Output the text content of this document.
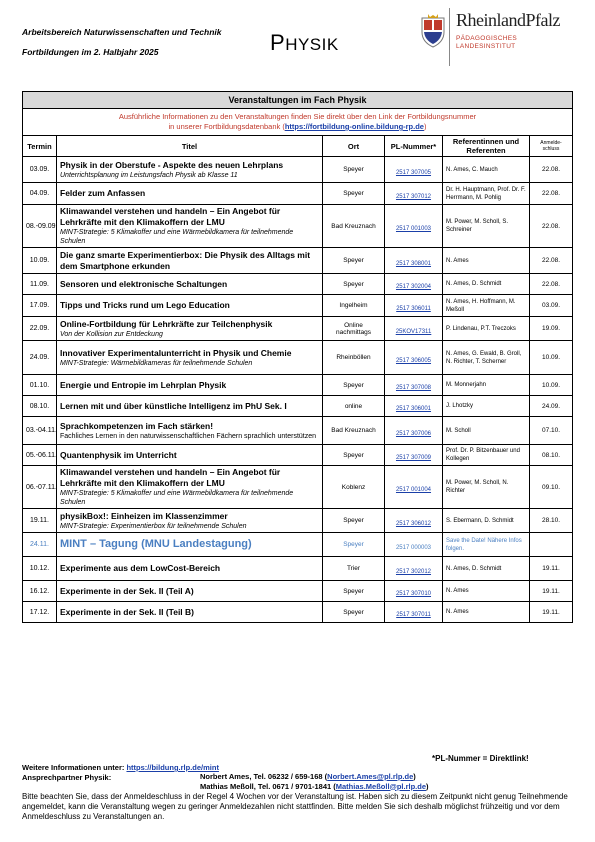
Arbeitsbereich Naturwissenschaften und Technik
Fortbildungen im 2. Halbjahr 2025	PHYSIK
RheinlandPfalz
PÄDAGOGISCHES
LANDESINSTITUT
Veranstaltungen im Fach Physik					

Ausführliche Informationen zu den Veranstaltungen finden Sie direkt über den Link der Fortbildungsnummer
in unserer Fortbildungsdatenbank (https://fortbildung-online.bildung-rp.de)					

Termin	Titel	Ort	PL-Nummer*	Referentinnen und Referenten	Anmelde-schluss
03.09.	Physik in der Oberstufe - Aspekte des neuen Lehrplans
Unterrichtsplanung im Leistungsfach Physik ab Klasse 11	Speyer	2517 307005	N. Ames, C. Mauch	22.08.
04.09.	Felder zum Anfassen	Speyer	2517 307012	Dr. H. Hauptmann, Prof. Dr. F. Herrmann, M. Pohlig	22.08.
08.-09.09.	Klimawandel verstehen und handeln – Ein Angebot für Lehrkräfte mit den Klimakoffern der LMU
MINT-Strategie: 5 Klimakoffer und eine Wärmebildkamera für teilnehmende Schulen	Bad Kreuznach	2517 001003	M. Power, M. Scholl, S. Schreiner	22.08.
10.09.	Die ganz smarte Experimentierbox: Die Physik des Alltags mit dem Smartphone erkunden	Speyer	2517 308001	N. Ames	22.08.
11.09.	Sensoren und elektronische Schaltungen	Speyer	2517 302004	N. Ames, D. Schmidt	22.08.
17.09.	Tipps und Tricks rund um Lego Education	Ingelheim	2517 306011	N. Ames, H. Hoffmann, M. Meßoll	03.09.
22.09.	Online-Fortbildung für Lehrkräfte zur Teilchenphysik
Von der Kollision zur Entdeckung	Online nachmittags	25KOV17311	P. Lindenau, P.T. Treczoks	19.09.
24.09.	Innovativer Experimentalunterricht in Physik und Chemie
MINT-Strategie: Wärmebildkameras für teilnehmende Schulen	Rheinböllen	2517 306005	N. Ames, G. Ewald, B. Groll, N. Richter, T. Scherner	10.09.
01.10.	Energie und Entropie im Lehrplan Physik	Speyer	2517 307008	M. Monnerjahn	10.09.
08.10.	Lernen mit und über künstliche Intelligenz im PhU Sek. I	online	2517 306001	J. Lhotzky	24.09.
03.-04.11.	Sprachkompetenzen im Fach stärken!
Fachliches Lernen in den naturwissenschaftlichen Fächern sprachlich unterstützen	Bad Kreuznach	2517 307006	M. Scholl	07.10.
05.-06.11.	Quantenphysik im Unterricht	Speyer	2517 307009	Prof. Dr. P. Bitzenbauer und Kollegen	08.10.
06.-07.11.	Klimawandel verstehen und handeln – Ein Angebot für Lehrkräfte mit den Klimakoffern der LMU
MINT-Strategie: 5 Klimakoffer und eine Wärmebildkamera für teilnehmende Schulen	Koblenz	2517 001004	M. Power, M. Scholl, N. Richter	09.10.
19.11.	physikBox!: Einheizen im Klassenzimmer
MINT-Strategie: Experimentierbox für teilnehmende Schulen	Speyer	2517 306012	S. Ebermann, D. Schmidt	28.10.
24.11.	MINT – Tagung (MNU Landestagung)	Speyer	2517 000003	Save the Date! Nähere Infos folgen.	
10.12.	Experimente aus dem LowCost-Bereich	Trier	2517 302012	N. Ames, D. Schmidt	19.11.
16.12.	Experimente in der Sek. II (Teil A)	Speyer	2517 307010	N. Ames	19.11.
17.12.	Experimente in der Sek. II (Teil B)	Speyer	2517 307011	N. Ames	19.11.
*PL-Nummer = Direktlink!
Weitere Informationen unter: https://bildung.rlp.de/mint
Ansprechpartner Physik:	Norbert Ames, Tel. 06232 / 659-168 (Norbert.Ames@pl.rlp.de)
Mathias Meßoll, Tel. 0671 / 9701-1841 (Mathias.Meßoll@pl.rlp.de)
Bitte beachten Sie, dass der Anmeldeschluss in der Regel 4 Wochen vor der Veranstaltung ist. Haben sich zu diesem Zeitpunkt nicht genug Teilnehmende angemeldet, kann die Veranstaltung wegen zu geringer Anmeldezahlen nicht stattfinden. Bitte melden Sie sich deshalb möglichst frühzeitig und vor dem Anmeldeschluss zu Veranstaltungen an.
